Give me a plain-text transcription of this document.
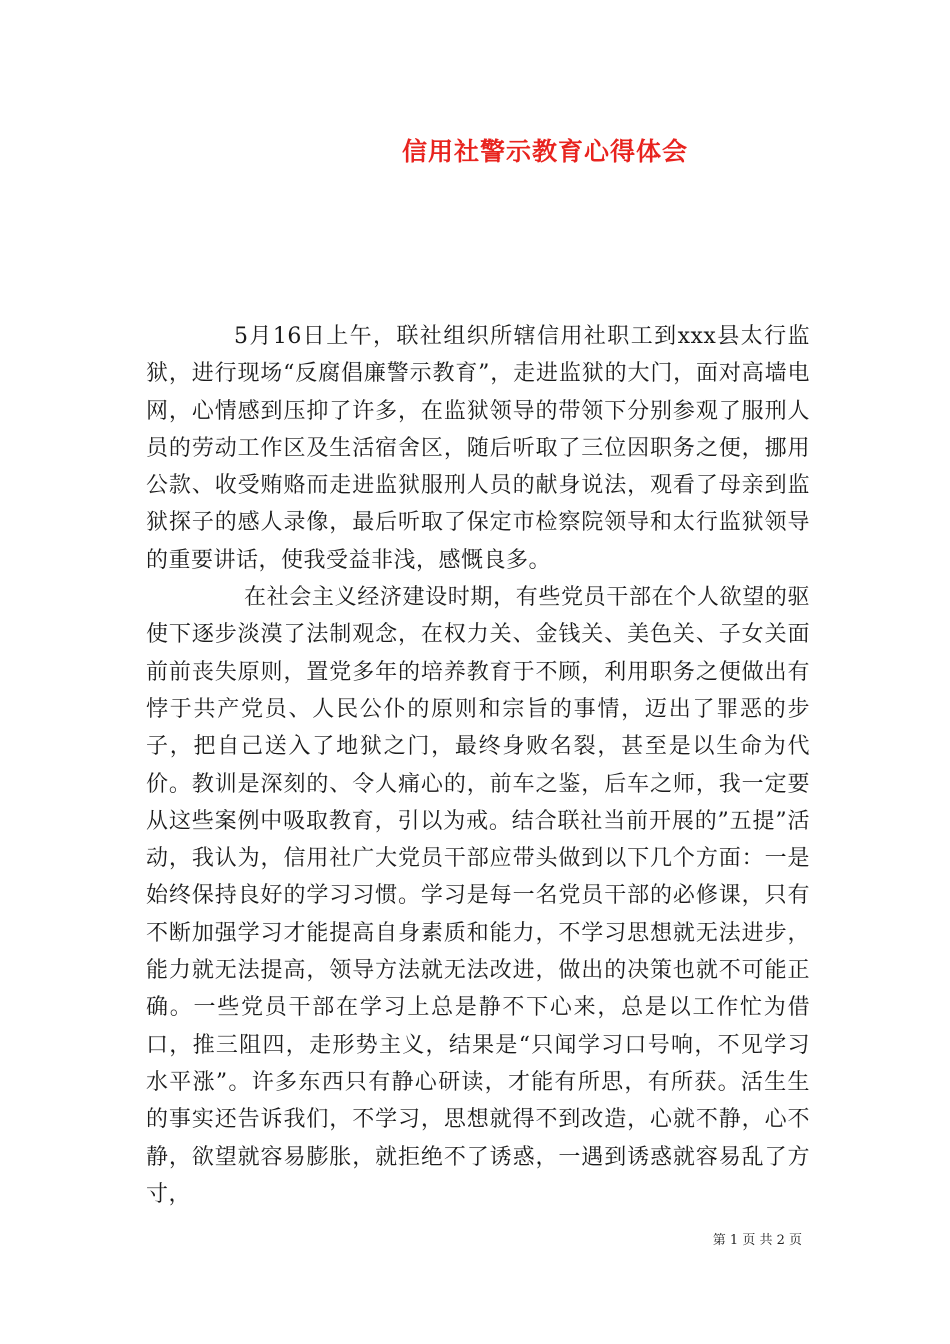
信用社警示教育心得体会

5月16日上午，联社组织所辖信用社职工到xxx县太行监狱，进行现场“反腐倡廉警示教育”，走进监狱的大门，面对高墙电网，心情感到压抑了许多，在监狱领导的带领下分别参观了服刑人员的劳动工作区及生活宿舍区，随后听取了三位因职务之便，挪用公款、收受贿赂而走进监狱服刑人员的献身说法，观看了母亲到监狱探子的感人录像，最后听取了保定市检察院领导和太行监狱领导的重要讲话，使我受益非浅，感慨良多。

在社会主义经济建设时期，有些党员干部在个人欲望的驱使下逐步淡漠了法制观念，在权力关、金钱关、美色关、子女关面前前丧失原则，置党多年的培养教育于不顾，利用职务之便做出有悖于共产党员、人民公仆的原则和宗旨的事情，迈出了罪恶的步子，把自己送入了地狱之门，最终身败名裂，甚至是以生命为代价。教训是深刻的、令人痛心的，前车之鉴，后车之师，我一定要从这些案例中吸取教育，引以为戒。结合联社当前开展的”五提”活动，我认为，信用社广大党员干部应带头做到以下几个方面：一是始终保持良好的学习习惯。学习是每一名党员干部的必修课，只有不断加强学习才能提高自身素质和能力，不学习思想就无法进步，能力就无法提高，领导方法就无法改进，做出的决策也就不可能正确。一些党员干部在学习上总是静不下心来，总是以工作忙为借口，推三阻四，走形势主义，结果是“只闻学习口号响，不见学习水平涨”。许多东西只有静心研读，才能有所思，有所获。活生生的事实还告诉我们，不学习，思想就得不到改造，心就不静，心不静，欲望就容易膨胀，就拒绝不了诱惑，一遇到诱惑就容易乱了方寸，

第 1 页 共 2 页
